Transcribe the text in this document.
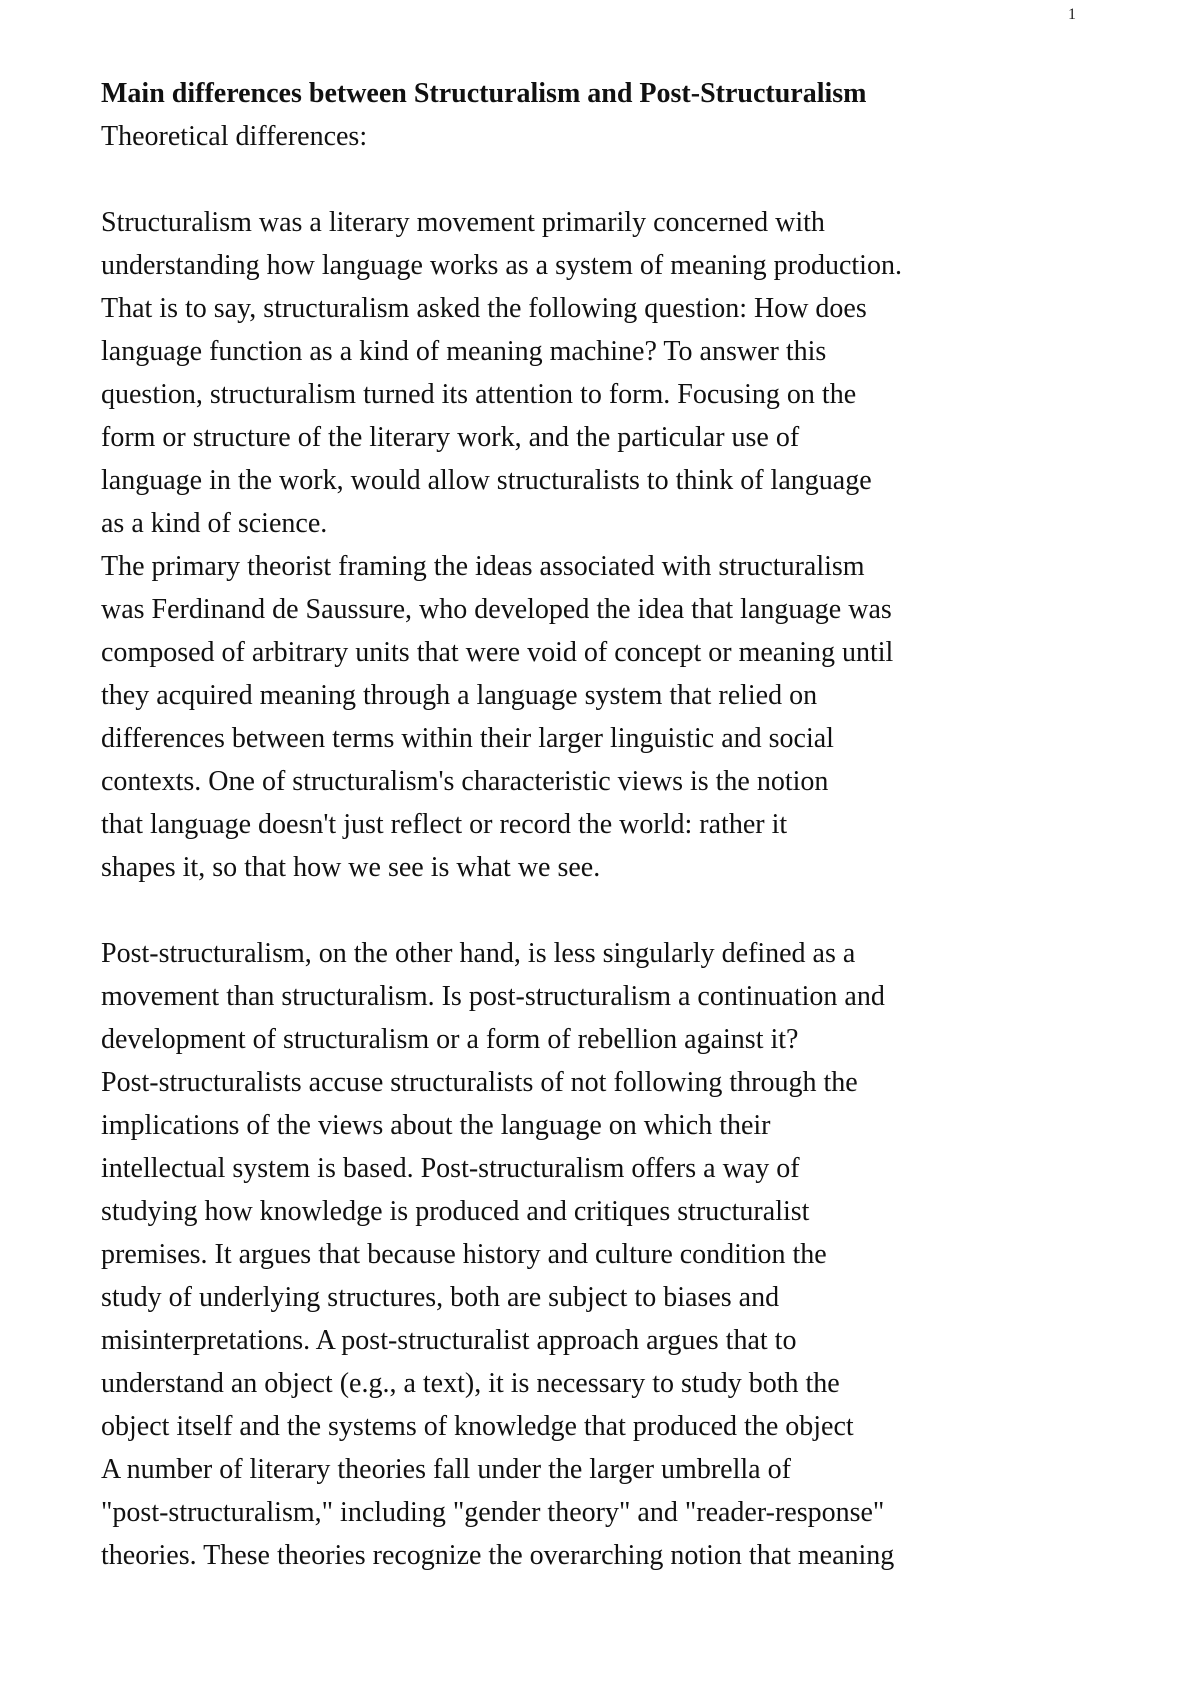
1
Main differences between Structuralism and Post-Structuralism
Theoretical differences:
Structuralism was a literary movement primarily concerned with
understanding how language works as a system of meaning production.
That is to say, structuralism asked the following question: How does
language function as a kind of meaning machine? To answer this
question, structuralism turned its attention to form. Focusing on the
form or structure of the literary work, and the particular use of
language in the work, would allow structuralists to think of language
as a kind of science.
The primary theorist framing the ideas associated with structuralism
was Ferdinand de Saussure, who developed the idea that language was
composed of arbitrary units that were void of concept or meaning until
they acquired meaning through a language system that relied on
differences between terms within their larger linguistic and social
contexts. One of structuralism's characteristic views is the notion
that language doesn't just reflect or record the world: rather it
shapes it, so that how we see is what we see.
Post-structuralism, on the other hand, is less singularly defined as a
movement than structuralism. Is post-structuralism a continuation and
development of structuralism or a form of rebellion against it?
Post-structuralists accuse structuralists of not following through the
implications of the views about the language on which their
intellectual system is based. Post-structuralism offers a way of
studying how knowledge is produced and critiques structuralist
premises. It argues that because history and culture condition the
study of underlying structures, both are subject to biases and
misinterpretations. A post-structuralist approach argues that to
understand an object (e.g., a text), it is necessary to study both the
object itself and the systems of knowledge that produced the object
A number of literary theories fall under the larger umbrella of
"post-structuralism," including "gender theory" and "reader-response"
theories. These theories recognize the overarching notion that meaning
